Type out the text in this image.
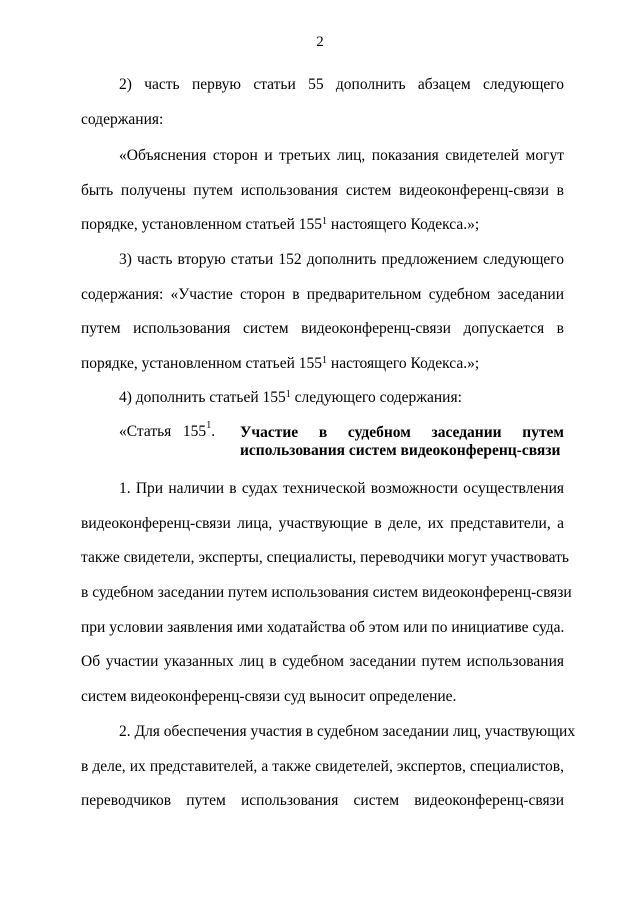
2
2) часть первую статьи 55 дополнить абзацем следующего
содержания:
«Объяснения сторон и третьих лиц, показания свидетелей могут
быть получены путем использования систем видеоконференц-связи в
порядке, установленном статьей $155^1$ настоящего Кодекса.»;
3) часть вторую статьи 152 дополнить предложением следующего
содержания: «Участие сторон в предварительном судебном заседании
путем использования систем видеоконференц-связи допускается в
порядке, установленном статьей $155^1$ настоящего Кодекса.»;
4) дополнить статьей $155^1$ следующего содержания:
«Статья   $155^1$. Участие в судебном заседании путем
использования систем видеоконференц-связи
1. При наличии в судах технической возможности осуществления
видеоконференц-связи лица, участвующие в деле, их представители, а
также свидетели, эксперты, специалисты, переводчики могут участвовать
в судебном заседании путем использования систем видеоконференц-связи
при условии заявления ими ходатайства об этом или по инициативе суда.
Об участии указанных лиц в судебном заседании путем использования
систем видеоконференц-связи суд выносит определение.
2. Для обеспечения участия в судебном заседании лиц, участвующих
в деле, их представителей, а также свидетелей, экспертов, специалистов,
переводчиков путем использования систем видеоконференц-связи
